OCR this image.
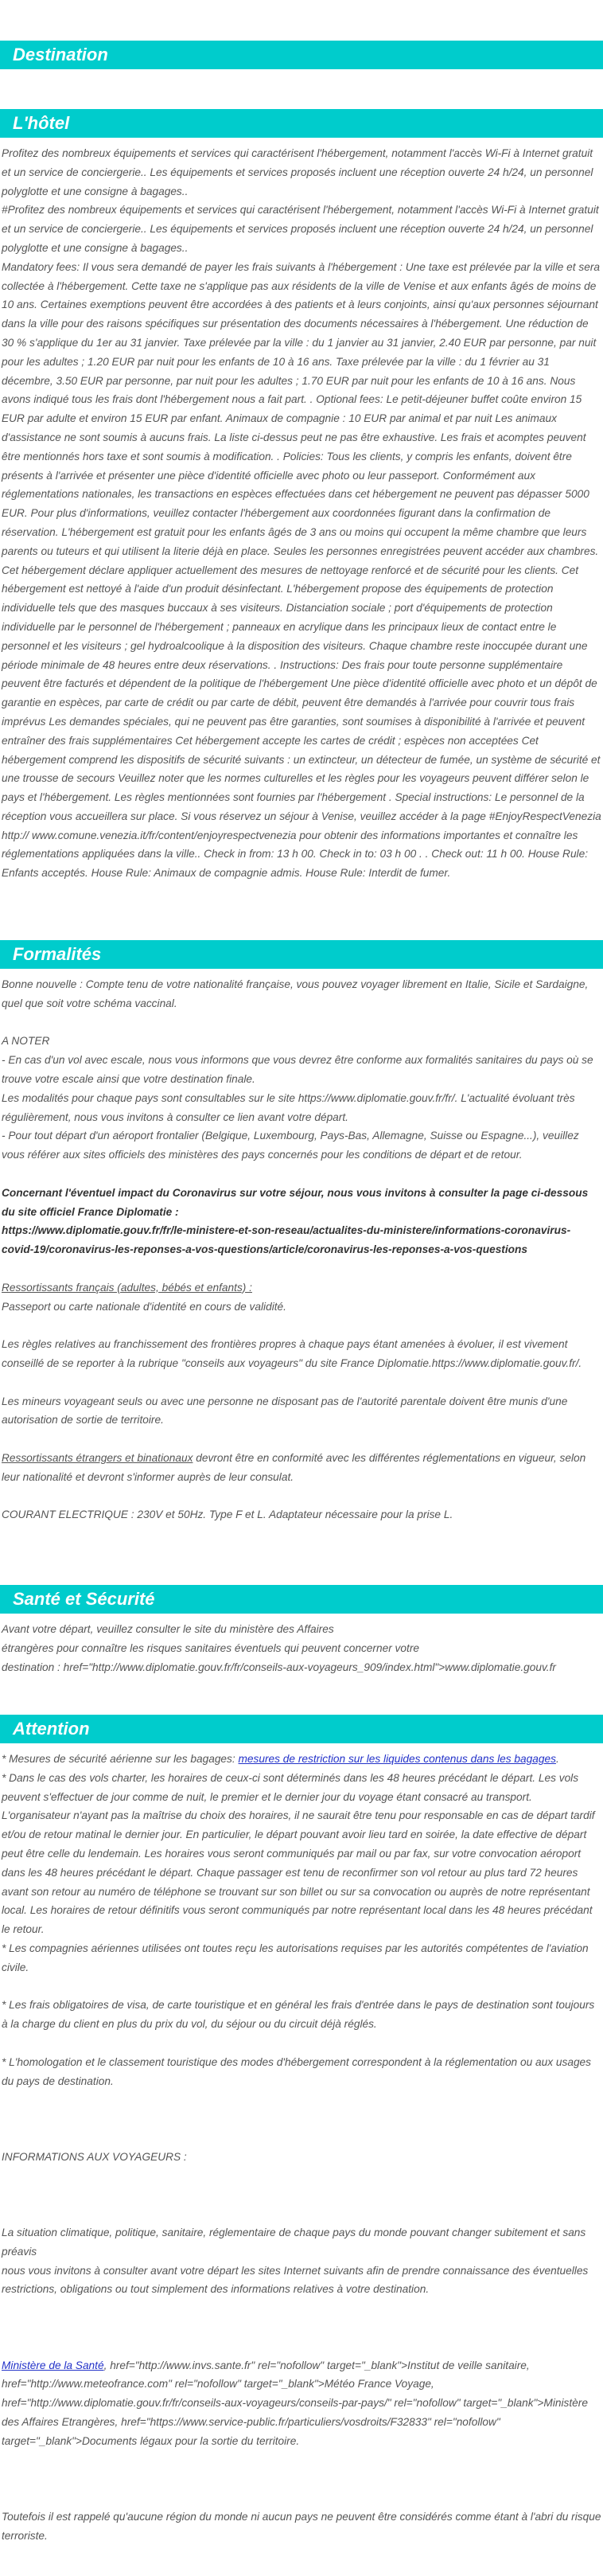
Destination
L'hôtel

Profitez des nombreux équipements et services qui caractérisent l'hébergement, notamment l'accès Wi-Fi à Internet gratuit et un service de conciergerie.. Les équipements et services proposés incluent une réception ouverte 24 h/24, un personnel polyglotte et une consigne à bagages..

#Profitez des nombreux équipements et services qui caractérisent l'hébergement, notamment l'accès Wi-Fi à Internet gratuit et un service de conciergerie.. Les équipements et services proposés incluent une réception ouverte 24 h/24, un personnel polyglotte et une consigne à bagages..

Mandatory fees: Il vous sera demandé de payer les frais suivants à l'hébergement : Une taxe est prélevée par la ville et sera collectée à l'hébergement. Cette taxe ne s'applique pas aux résidents de la ville de Venise et aux enfants âgés de moins de 10 ans. Certaines exemptions peuvent être accordées à des patients et à leurs conjoints, ainsi qu'aux personnes séjournant dans la ville pour des raisons spécifiques sur présentation des documents nécessaires à l'hébergement. Une réduction de 30 % s'applique du 1er au 31 janvier. Taxe prélevée par la ville : du 1 janvier au 31 janvier, 2.40 EUR par personne, par nuit pour les adultes ; 1.20 EUR par nuit pour les enfants de 10 à 16 ans. Taxe prélevée par la ville : du 1 février au 31 décembre, 3.50 EUR par personne, par nuit pour les adultes ; 1.70 EUR par nuit pour les enfants de 10 à 16 ans. Nous avons indiqué tous les frais dont l'hébergement nous a fait part. . Optional fees: Le petit-déjeuner buffet coûte environ 15 EUR par adulte et environ 15 EUR par enfant. Animaux de compagnie : 10 EUR par animal et par nuit Les animaux d'assistance ne sont soumis à aucuns frais. La liste ci-dessus peut ne pas être exhaustive. Les frais et acomptes peuvent être mentionnés hors taxe et sont soumis à modification. . Policies: Tous les clients, y compris les enfants, doivent être présents à l'arrivée et présenter une pièce d'identité officielle avec photo ou leur passeport. Conformément aux réglementations nationales, les transactions en espèces effectuées dans cet hébergement ne peuvent pas dépasser 5000 EUR. Pour plus d'informations, veuillez contacter l'hébergement aux coordonnées figurant dans la confirmation de réservation. L'hébergement est gratuit pour les enfants âgés de 3 ans ou moins qui occupent la même chambre que leurs parents ou tuteurs et qui utilisent la literie déjà en place. Seules les personnes enregistrées peuvent accéder aux chambres. Cet hébergement déclare appliquer actuellement des mesures de nettoyage renforcé et de sécurité pour les clients. Cet hébergement est nettoyé à l'aide d'un produit désinfectant. L'hébergement propose des équipements de protection individuelle tels que des masques buccaux à ses visiteurs. Distanciation sociale ; port d'équipements de protection individuelle par le personnel de l'hébergement ; panneaux en acrylique dans les principaux lieux de contact entre le personnel et les visiteurs ; gel hydroalcoolique à la disposition des visiteurs. Chaque chambre reste inoccupée durant une période minimale de 48 heures entre deux réservations. . Instructions: Des frais pour toute personne supplémentaire peuvent être facturés et dépendent de la politique de l'hébergement Une pièce d'identité officielle avec photo et un dépôt de garantie en espèces, par carte de crédit ou par carte de débit, peuvent être demandés à l'arrivée pour couvrir tous frais imprévus Les demandes spéciales, qui ne peuvent pas être garanties, sont soumises à disponibilité à l'arrivée et peuvent entraîner des frais supplémentaires Cet hébergement accepte les cartes de crédit ; espèces non acceptées Cet hébergement comprend les dispositifs de sécurité suivants : un extincteur, un détecteur de fumée, un système de sécurité et une trousse de secours Veuillez noter que les normes culturelles et les règles pour les voyageurs peuvent différer selon le pays et l'hébergement. Les règles mentionnées sont fournies par l'hébergement . Special instructions: Le personnel de la réception vous accueillera sur place. Si vous réservez un séjour à Venise, veuillez accéder à la page #EnjoyRespectVenezia http:// www.comune.venezia.it/fr/content/enjoyrespectvenezia pour obtenir des informations importantes et connaître les réglementations appliquées dans la ville.. Check in from: 13 h 00. Check in to: 03 h 00 . . Check out: 11 h 00. House Rule: Enfants acceptés. House Rule: Animaux de compagnie admis. House Rule: Interdit de fumer.

Formalités

Bonne nouvelle : Compte tenu de votre nationalité française, vous pouvez voyager librement en Italie, Sicile et Sardaigne, quel que soit votre schéma vaccinal.

A NOTER

- En cas d'un vol avec escale, nous vous informons que vous devrez être conforme aux formalités sanitaires du pays où se trouve votre escale ainsi que votre destination finale.

Les modalités pour chaque pays sont consultables sur le site https://www.diplomatie.gouv.fr/fr/. L'actualité évoluant très régulièrement, nous vous invitons à consulter ce lien avant votre départ.

- Pour tout départ d'un aéroport frontalier (Belgique, Luxembourg, Pays-Bas, Allemagne, Suisse ou Espagne...), veuillez vous référer aux sites officiels des ministères des pays concernés pour les conditions de départ et de retour.

Concernant l'éventuel impact du Coronavirus sur votre séjour, nous vous invitons à consulter la page ci-dessous du site officiel France Diplomatie :

https://www.diplomatie.gouv.fr/fr/le-ministere-et-son-reseau/actualites-du-ministere/informations-coronavirus-covid-19/coronavirus-les-reponses-a-vos-questions/article/coronavirus-les-reponses-a-vos-questions

Ressortissants français (adultes, bébés et enfants) :

Passeport ou carte nationale d'identité en cours de validité.

Les règles relatives au franchissement des frontières propres à chaque pays étant amenées à évoluer, il est vivement conseillé de se reporter à la rubrique "conseils aux voyageurs" du site France Diplomatie.https://www.diplomatie.gouv.fr/.

Les mineurs voyageant seuls ou avec une personne ne disposant pas de l'autorité parentale doivent être munis d'une autorisation de sortie de territoire.

Ressortissants étrangers et binationaux devront être en conformité avec les différentes réglementations en vigueur, selon leur nationalité et devront s'informer auprès de leur consulat.

COURANT ELECTRIQUE : 230V et 50Hz. Type F et L. Adaptateur nécessaire pour la prise L.

Santé et Sécurité

Avant votre départ, veuillez consulter le site du ministère des Affaires

étrangères pour connaître les risques sanitaires éventuels qui peuvent concerner votre

destination : href="http://www.diplomatie.gouv.fr/fr/conseils-aux-voyageurs_909/index.html">www.diplomatie.gouv.fr

Attention

* Mesures de sécurité aérienne sur les bagages: mesures de restriction sur les liquides contenus dans les bagages.

* Dans le cas des vols charter, les horaires de ceux-ci sont déterminés dans les 48 heures précédant le départ. Les vols peuvent s'effectuer de jour comme de nuit, le premier et le dernier jour du voyage étant consacré au transport. L'organisateur n'ayant pas la maîtrise du choix des horaires, il ne saurait être tenu pour responsable en cas de départ tardif et/ou de retour matinal le dernier jour. En particulier, le départ pouvant avoir lieu tard en soirée, la date effective de départ peut être celle du lendemain. Les horaires vous seront communiqués par mail ou par fax, sur votre convocation aéroport dans les 48 heures précédant le départ. Chaque passager est tenu de reconfirmer son vol retour au plus tard 72 heures avant son retour au numéro de téléphone se trouvant sur son billet ou sur sa convocation ou auprès de notre représentant local. Les horaires de retour définitifs vous seront communiqués par notre représentant local dans les 48 heures précédant le retour.

* Les compagnies aériennes utilisées ont toutes reçu les autorisations requises par les autorités compétentes de l'aviation civile.

* Les frais obligatoires de visa, de carte touristique et en général les frais d'entrée dans le pays de destination sont toujours à la charge du client en plus du prix du vol, du séjour ou du circuit déjà réglés.

* L'homologation et le classement touristique des modes d'hébergement correspondent à la réglementation ou aux usages du pays de destination.

INFORMATIONS AUX VOYAGEURS :

La situation climatique, politique, sanitaire, réglementaire de chaque pays du monde pouvant changer subitement et sans préavis

nous vous invitons à consulter avant votre départ les sites Internet suivants afin de prendre connaissance des éventuelles restrictions, obligations ou tout simplement des informations relatives à votre destination.

Ministère de la Santé, href="http://www.invs.sante.fr" rel="nofollow" target="_blank">Institut de veille sanitaire, href="http://www.meteofrance.com" rel="nofollow" target="_blank">Météo France Voyage, href="http://www.diplomatie.gouv.fr/fr/conseils-aux-voyageurs/conseils-par-pays/" rel="nofollow" target="_blank">Ministère des Affaires Etrangères, href="https://www.service-public.fr/particuliers/vosdroits/F32833" rel="nofollow" target="_blank">Documents légaux pour la sortie du territoire.

Toutefois il est rappelé qu'aucune région du monde ni aucun pays ne peuvent être considérés comme étant à l'abri du risque terroriste.
